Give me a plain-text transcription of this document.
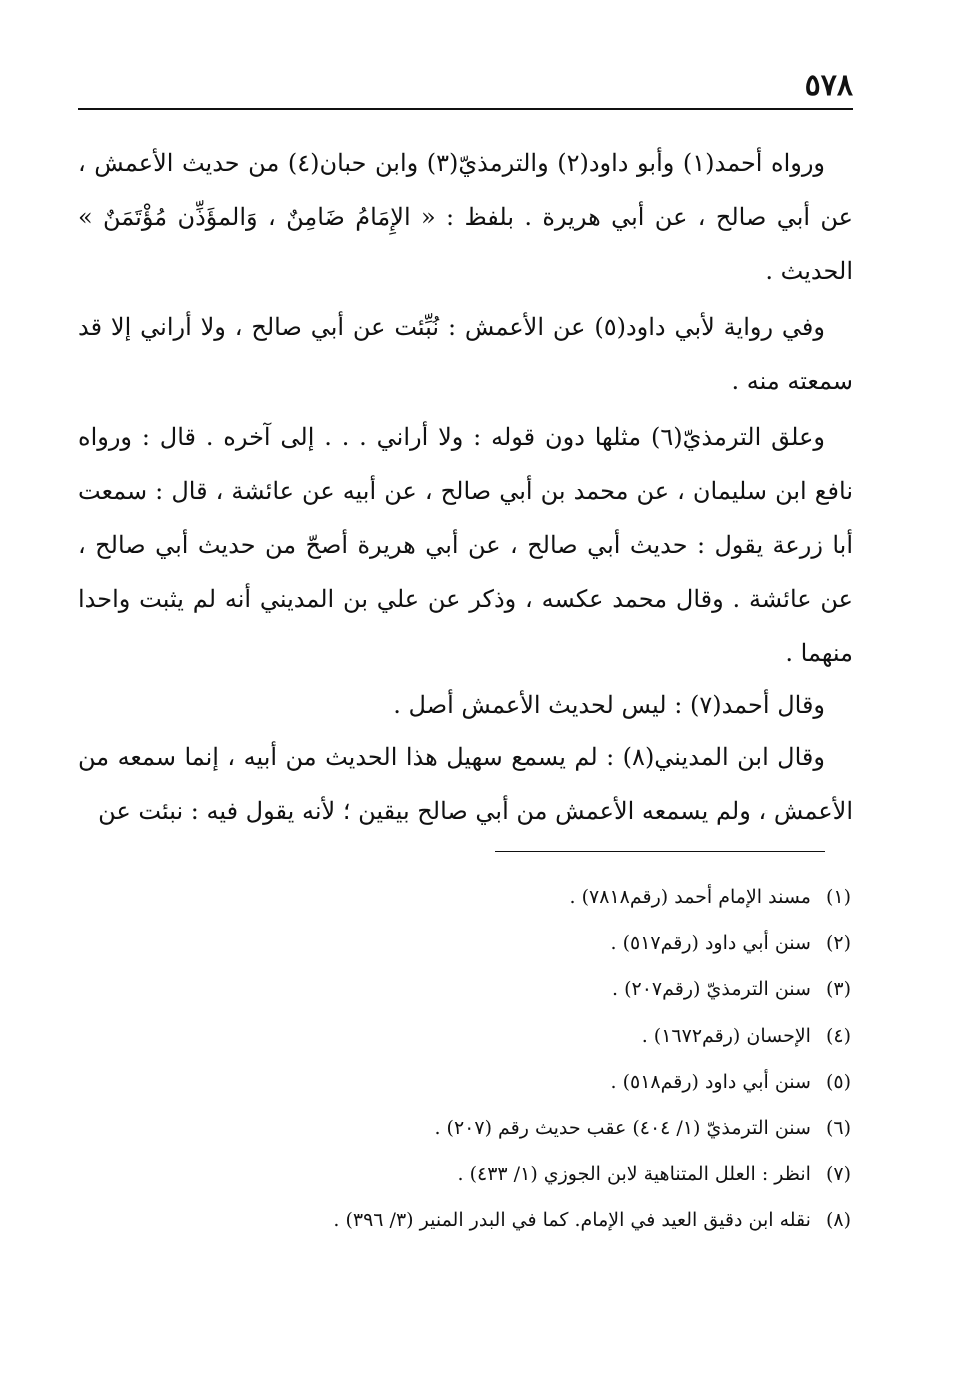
٥٧٨

ورواه أحمد(١) وأبو داود(٢) والترمذيّ(٣) وابن حبان(٤) من حديث الأعمش ، عن أبي صالح ، عن أبي هريرة . بلفظ : « الإِمَامُ ضَامِنٌ ، وَالمؤَذِّن مُؤْتَمَنٌ » الحديث .

وفي رواية لأبي داود(٥) عن الأعمش : نُبِّئت عن أبي صالح ، ولا أراني إلا قد سمعته منه .

وعلق الترمذيّ(٦) مثلها دون قوله : ولا أراني . . . إلى آخره . قال : ورواه نافع ابن سليمان ، عن محمد بن أبي صالح ، عن أبيه عن عائشة ، قال : سمعت أبا زرعة يقول : حديث أبي صالح ، عن أبي هريرة أصحّ من حديث أبي صالح ، عن عائشة . وقال محمد عكسه ، وذكر عن علي بن المديني أنه لم يثبت واحدا منهما .

وقال أحمد(٧) : ليس لحديث الأعمش أصل .

وقال ابن المديني(٨) : لم يسمع سهيل هذا الحديث من أبيه ، إنما سمعه من الأعمش ، ولم يسمعه الأعمش من أبي صالح بيقين ؛ لأنه يقول فيه : نبئت عن

(١) مسند الإمام أحمد (رقم٧٨١٨) .
(٢) سنن أبي داود (رقم٥١٧) .
(٣) سنن الترمذيّ (رقم٢٠٧) .
(٤) الإحسان (رقم١٦٧٢) .
(٥) سنن أبي داود (رقم٥١٨) .
(٦) سنن الترمذيّ (١/ ٤٠٤) عقب حديث رقم (٢٠٧) .
(٧) انظر : العلل المتناهية لابن الجوزي (١/ ٤٣٣) .
(٨) نقله ابن دقيق العيد في الإمام. كما في البدر المنير (٣/ ٣٩٦) .
